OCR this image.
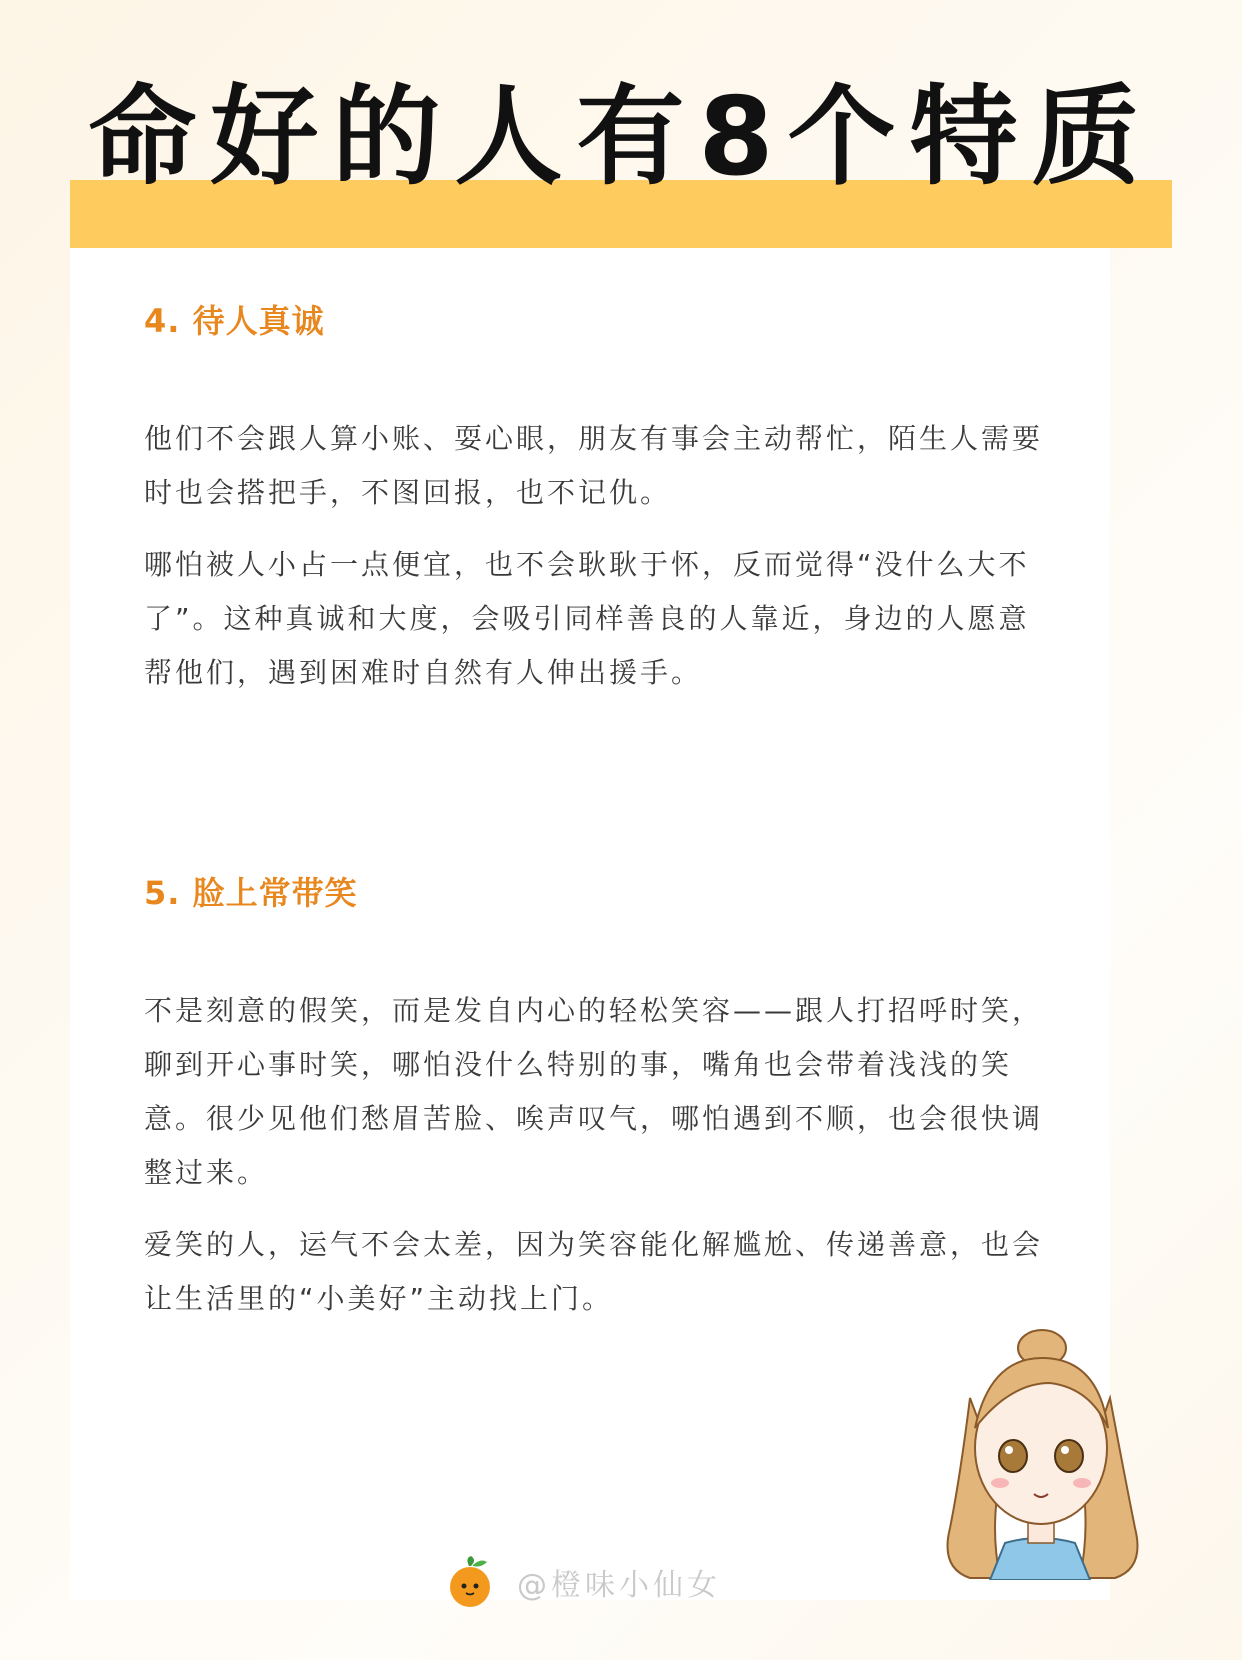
命好的人有8个特质
4. 待人真诚

他们不会跟人算小账、耍心眼，朋友有事会主动帮忙，陌生人需要时也会搭把手，不图回报，也不记仇。

哪怕被人小占一点便宜，也不会耿耿于怀，反而觉得“没什么大不了”。这种真诚和大度，会吸引同样善良的人靠近，身边的人愿意帮他们，遇到困难时自然有人伸出援手。

5. 脸上常带笑

不是刻意的假笑，而是发自内心的轻松笑容——跟人打招呼时笑，聊到开心事时笑，哪怕没什么特别的事，嘴角也会带着浅浅的笑意。很少见他们愁眉苦脸、唉声叹气，哪怕遇到不顺，也会很快调整过来。

爱笑的人，运气不会太差，因为笑容能化解尴尬、传递善意，也会让生活里的“小美好”主动找上门。

@橙味小仙女
